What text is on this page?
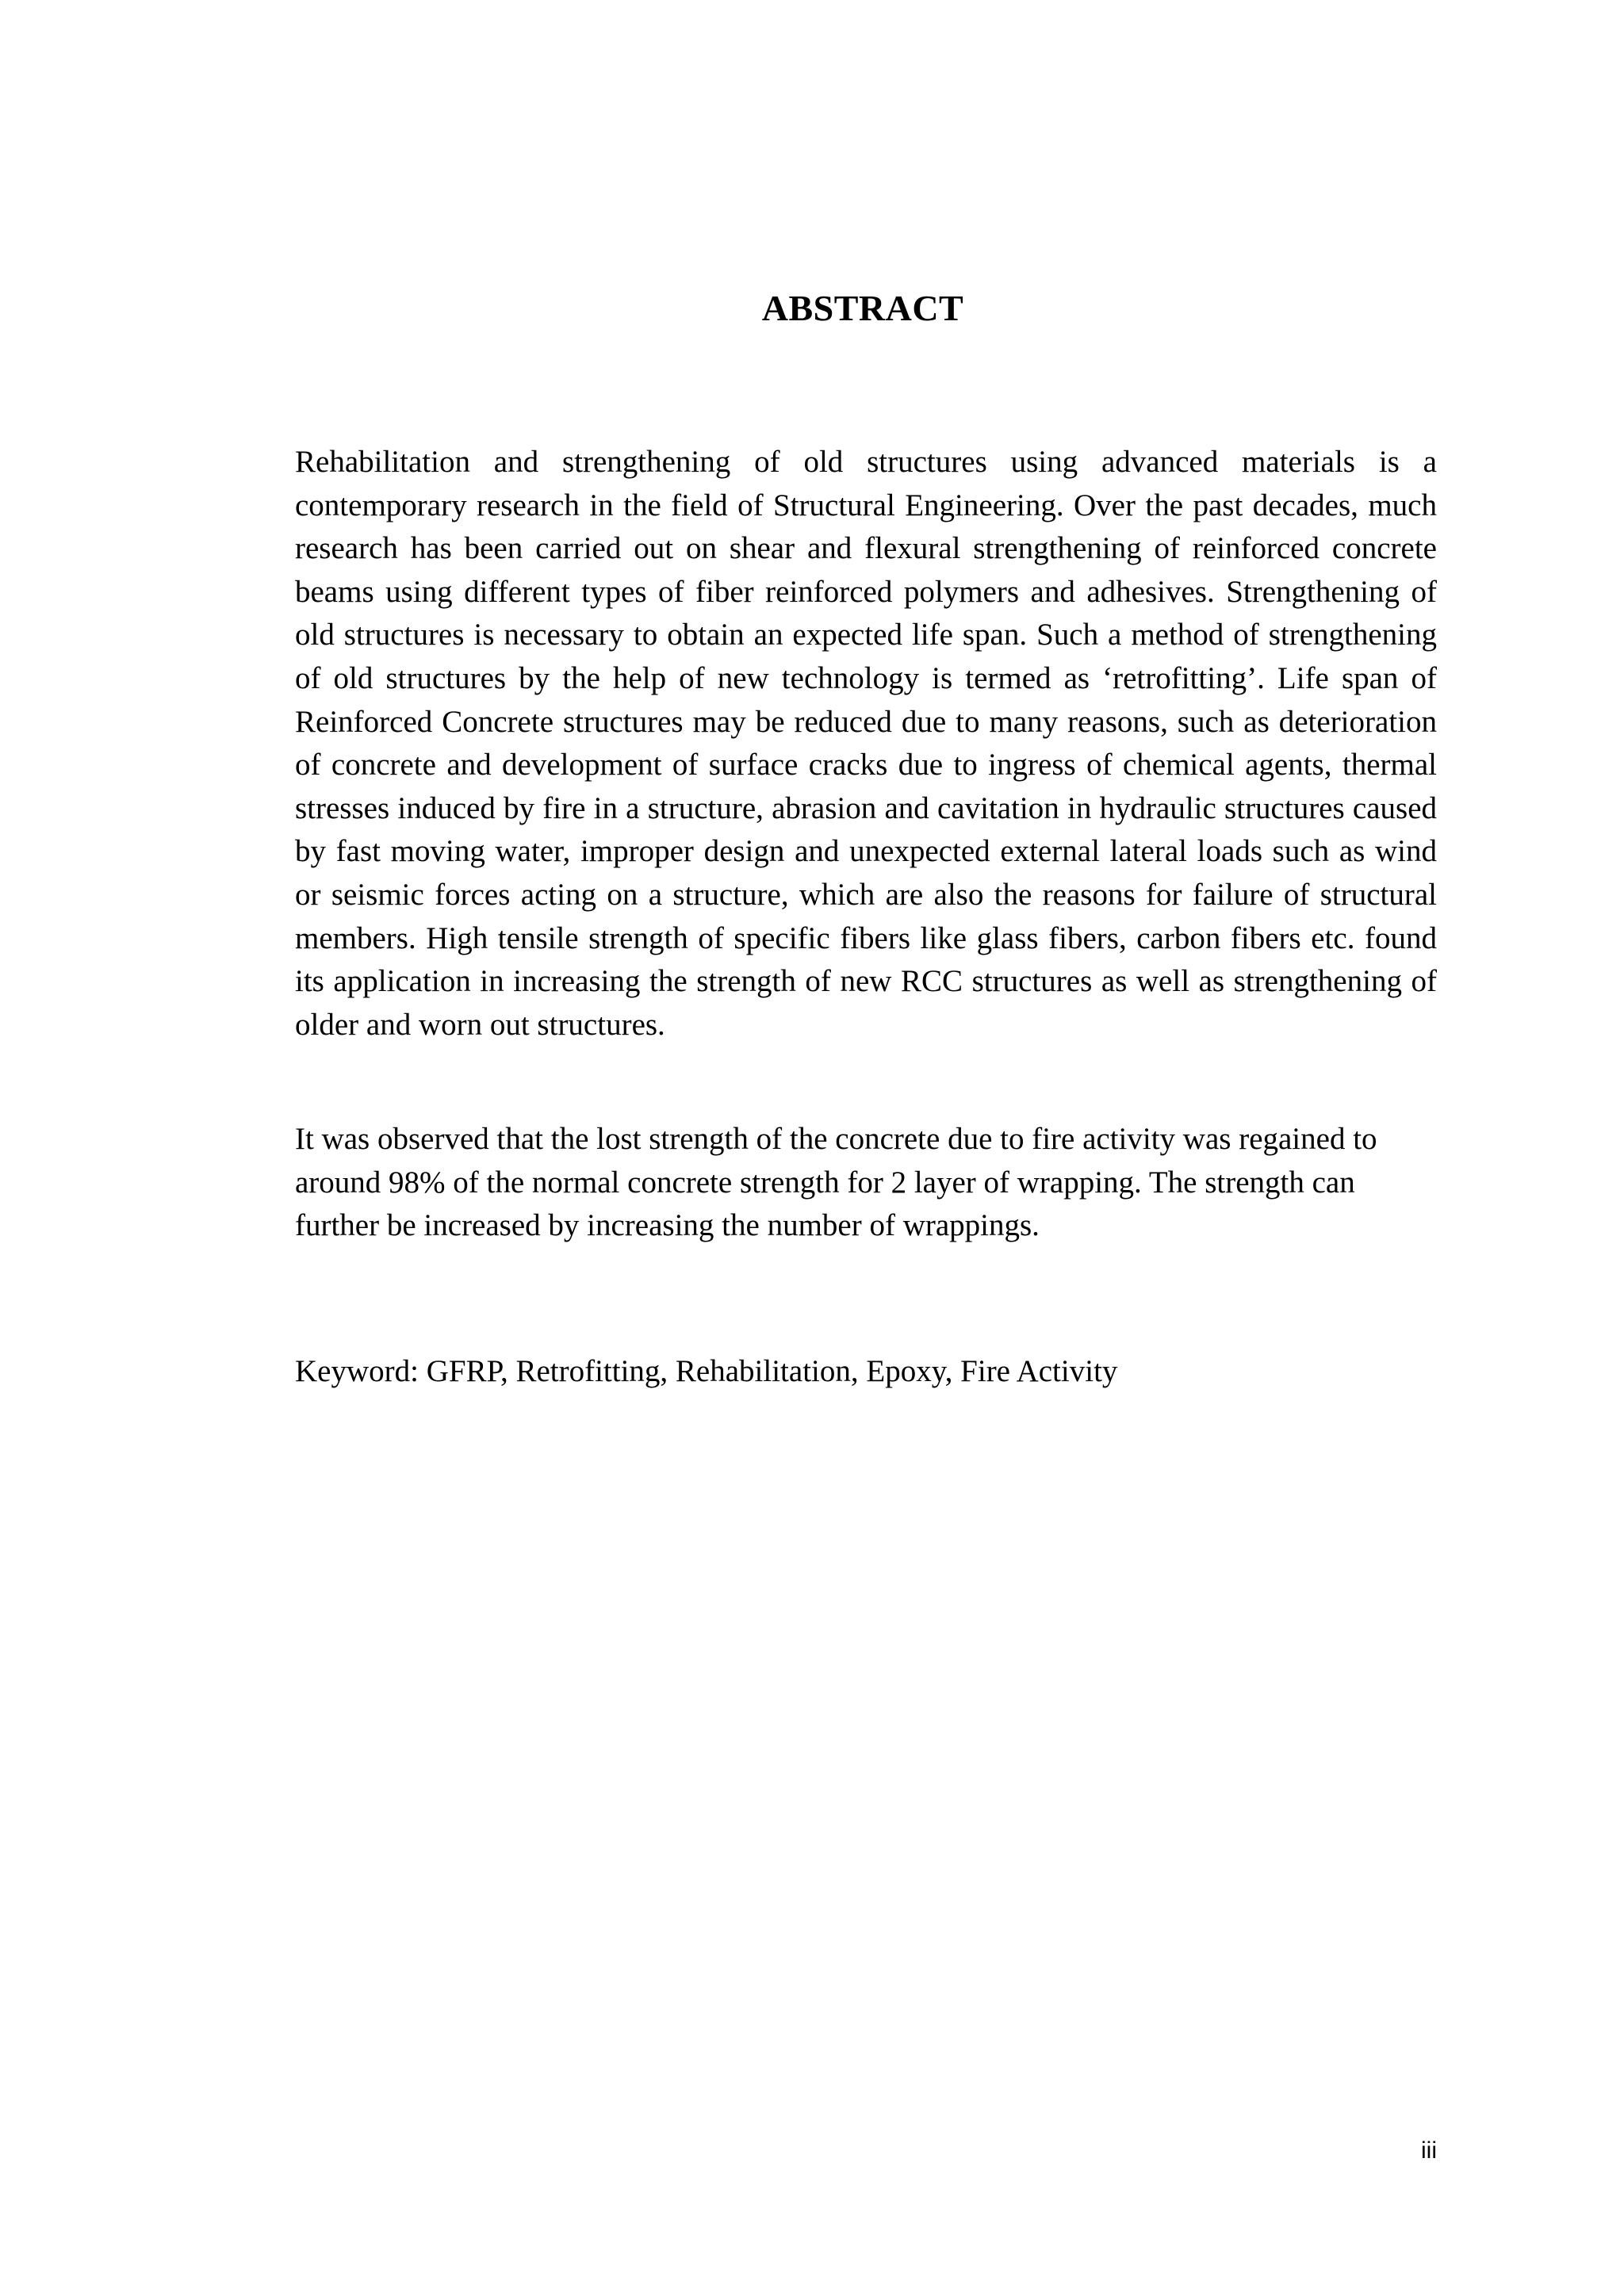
ABSTRACT

Rehabilitation and strengthening of old structures using advanced materials is a contemporary research in the field of Structural Engineering. Over the past decades, much research has been carried out on shear and flexural strengthening of reinforced concrete beams using different types of fiber reinforced polymers and adhesives. Strengthening of old structures is necessary to obtain an expected life span. Such a method of strengthening of old structures by the help of new technology is termed as ‘retrofitting’. Life span of Reinforced Concrete structures may be reduced due to many reasons, such as deterioration of concrete and development of surface cracks due to ingress of chemical agents, thermal stresses induced by fire in a structure, abrasion and cavitation in hydraulic structures caused by fast moving water, improper design and unexpected external lateral loads such as wind or seismic forces acting on a structure, which are also the reasons for failure of structural members. High tensile strength of specific fibers like glass fibers, carbon fibers etc. found its application in increasing the strength of new RCC structures as well as strengthening of older and worn out structures.

It was observed that the lost strength of the concrete due to fire activity was regained to around 98% of the normal concrete strength for 2 layer of wrapping. The strength can further be increased by increasing the number of wrappings.

Keyword: GFRP, Retrofitting, Rehabilitation, Epoxy, Fire Activity

iii
